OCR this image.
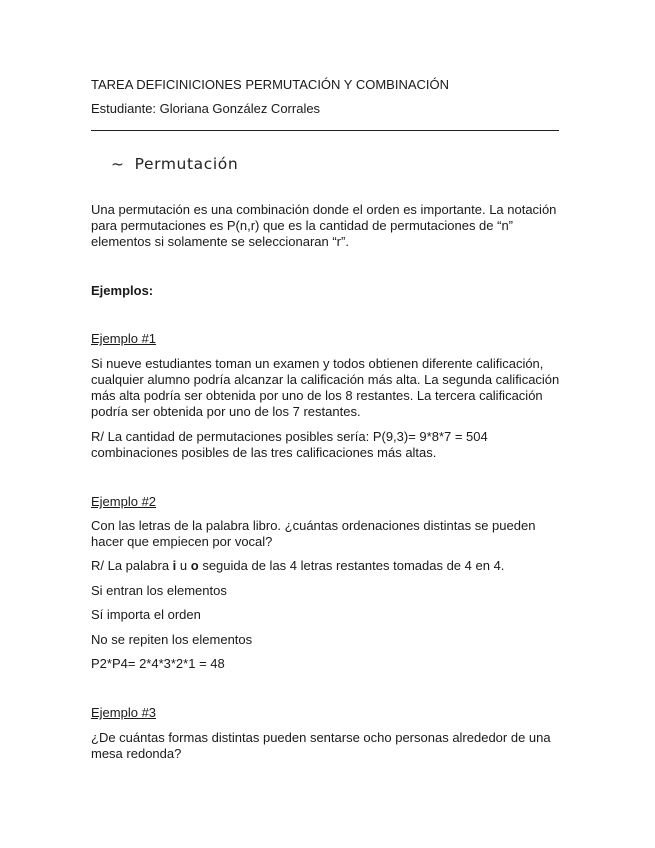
TAREA DEFICINICIONES PERMUTACIÓN Y COMBINACIÓN

Estudiante: Gloriana González Corrales

~ Permutación

Una permutación es una combinación donde el orden es importante. La notación

para permutaciones es P(n,r) que es la cantidad de permutaciones de “n”

elementos si solamente se seleccionaran “r”.

Ejemplos:

Ejemplo #1

Si nueve estudiantes toman un examen y todos obtienen diferente calificación,

cualquier alumno podría alcanzar la calificación más alta. La segunda calificación

más alta podría ser obtenida por uno de los 8 restantes. La tercera calificación

podría ser obtenida por uno de los 7 restantes.

R/ La cantidad de permutaciones posibles sería: P(9,3)= 9*8*7 = 504

combinaciones posibles de las tres calificaciones más altas.

Ejemplo #2

Con las letras de la palabra libro. ¿cuántas ordenaciones distintas se pueden

hacer que empiecen por vocal?

R/ La palabra i u o seguida de las 4 letras restantes tomadas de 4 en 4.

Si entran los elementos

Sí importa el orden

No se repiten los elementos

P2*P4= 2*4*3*2*1 = 48

Ejemplo #3

¿De cuántas formas distintas pueden sentarse ocho personas alrededor de una

mesa redonda?
